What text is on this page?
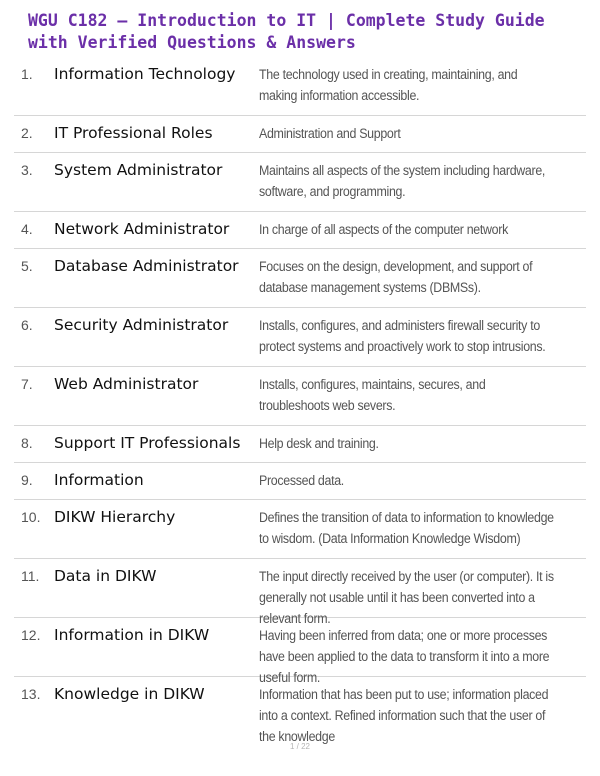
WGU C182 – Introduction to IT | Complete Study Guide with Verified Questions & Answers
1.	Information Technology	The technology used in creating, maintaining, and making information accessible.
2.	IT Professional Roles	Administration and Support
3.	System Administrator	Maintains all aspects of the system including hardware, software, and programming.
4.	Network Administrator	In charge of all aspects of the computer network
5.	Database Administrator	Focuses on the design, development, and support of database management systems (DBMSs).
6.	Security Administrator	Installs, configures, and administers firewall security to protect systems and proactively work to stop intrusions.
7.	Web Administrator	Installs, configures, maintains, secures, and troubleshoots web severs.
8.	Support IT Professionals	Help desk and training.
9.	Information	Processed data.
10. DIKW Hierarchy	Defines the transition of data to information to knowledge to wisdom. (Data Information Knowledge Wisdom)
11. Data in DIKW	The input directly received by the user (or computer). It is generally not usable until it has been converted into a relevant form.
12. Information in DIKW	Having been inferred from data; one or more processes have been applied to the data to transform it into a more useful form.
13. Knowledge in DIKW	Information that has been put to use; information placed into a context. Refined information such that the user of the knowledge
1 / 22
